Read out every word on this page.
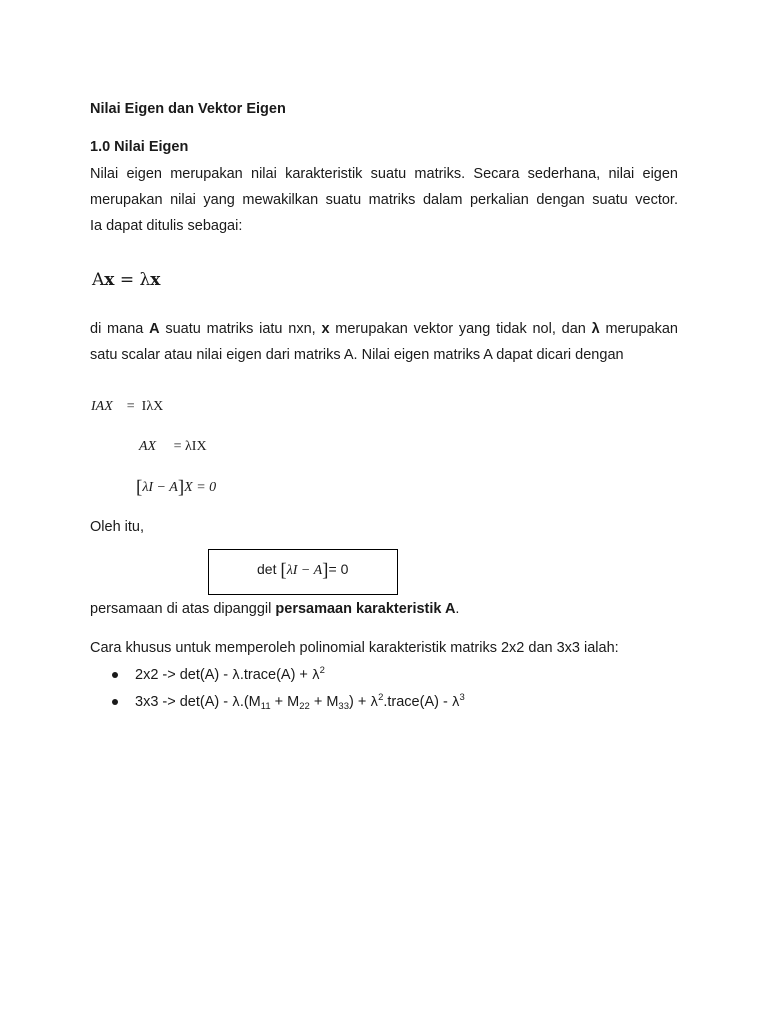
Nilai Eigen dan Vektor Eigen

1.0 Nilai Eigen

Nilai eigen merupakan nilai karakteristik suatu matriks. Secara sederhana, nilai eigen
merupakan nilai yang mewakilkan suatu matriks dalam perkalian dengan suatu vector.
Ia dapat ditulis sebagai:

Ax = λx

di mana A suatu matriks iatu nxn, x merupakan vektor yang tidak nol, dan λ merupakan
satu scalar atau nilai eigen dari matriks A. Nilai eigen matriks A dapat dicari dengan

IAX =  IλX
AX = λIX
[λI − A]X = 0

Oleh itu,

det [λI − A]= 0

persamaan di atas dipanggil persamaan karakteristik A.

Cara khusus untuk memperoleh polinomial karakteristik matriks 2x2 dan 3x3 ialah:

2x2 -> det(A) - λ.trace(A) + $\lambda^2$
$3x3 -> \det(A) - \lambda.(M_{11} + M_{22} + M_{33})$ + $\lambda^2.trace(A) - \lambda^3$
